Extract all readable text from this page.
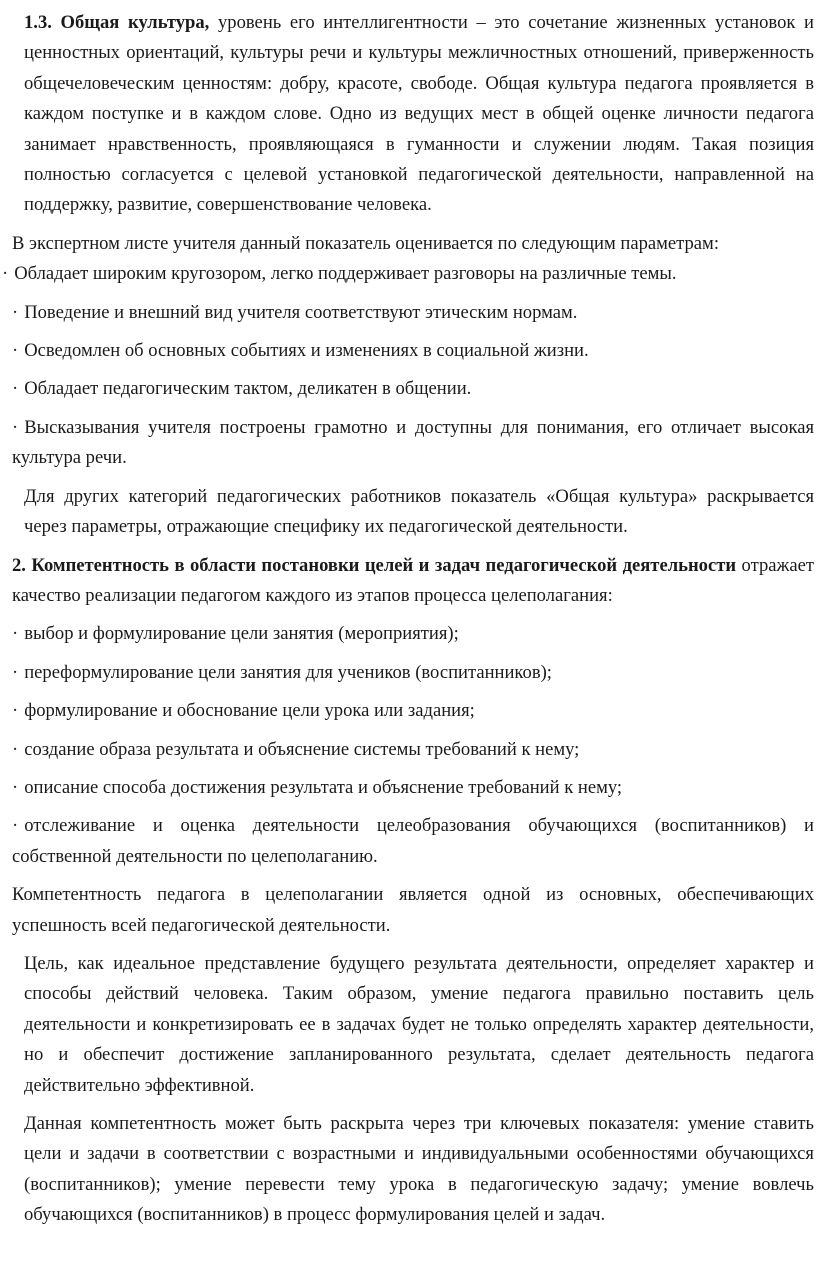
1.3. Общая культура, уровень его интеллигентности – это сочетание жизненных установок и ценностных ориентаций, культуры речи и культуры межличностных отношений, приверженность общечеловеческим ценностям: добру, красоте, свободе. Общая культура педагога проявляется в каждом поступке и в каждом слове. Одно из ведущих мест в общей оценке личности педагога занимает нравственность, проявляющаяся в гуманности и служении людям. Такая позиция полностью согласуется с целевой установкой педагогической деятельности, направленной на поддержку, развитие, совершенствование человека.

В экспертном листе учителя данный показатель оценивается по следующим параметрам:

· Обладает широким кругозором, легко поддерживает разговоры на различные темы.

· Поведение и внешний вид учителя соответствуют этическим нормам.

· Осведомлен об основных событиях и изменениях в социальной жизни.

· Обладает педагогическим тактом, деликатен в общении.

· Высказывания учителя построены грамотно и доступны для понимания, его отличает высокая культура речи.

Для других категорий педагогических работников показатель «Общая культура» раскрывается через параметры, отражающие специфику их педагогической деятельности.

2. Компетентность в области постановки целей и задач педагогической деятельности отражает качество реализации педагогом каждого из этапов процесса целеполагания:

· выбор и формулирование цели занятия (мероприятия);

· переформулирование цели занятия для учеников (воспитанников);

· формулирование и обоснование цели урока или задания;

· создание образа результата и объяснение системы требований к нему;

· описание способа достижения результата и объяснение требований к нему;

· отслеживание и оценка деятельности целеобразования обучающихся (воспитанников) и собственной деятельности по целеполаганию.

Компетентность педагога в целеполагании является одной из основных, обеспечивающих успешность всей педагогической деятельности.

Цель, как идеальное представление будущего результата деятельности, определяет характер и способы действий человека. Таким образом, умение педагога правильно поставить цель деятельности и конкретизировать ее в задачах будет не только определять характер деятельности, но и обеспечит достижение запланированного результата, сделает деятельность педагога действительно эффективной.

Данная компетентность может быть раскрыта через три ключевых показателя: умение ставить цели и задачи в соответствии с возрастными и индивидуальными особенностями обучающихся (воспитанников); умение перевести тему урока в педагогическую задачу; умение вовлечь обучающихся (воспитанников) в процесс формулирования целей и задач.
